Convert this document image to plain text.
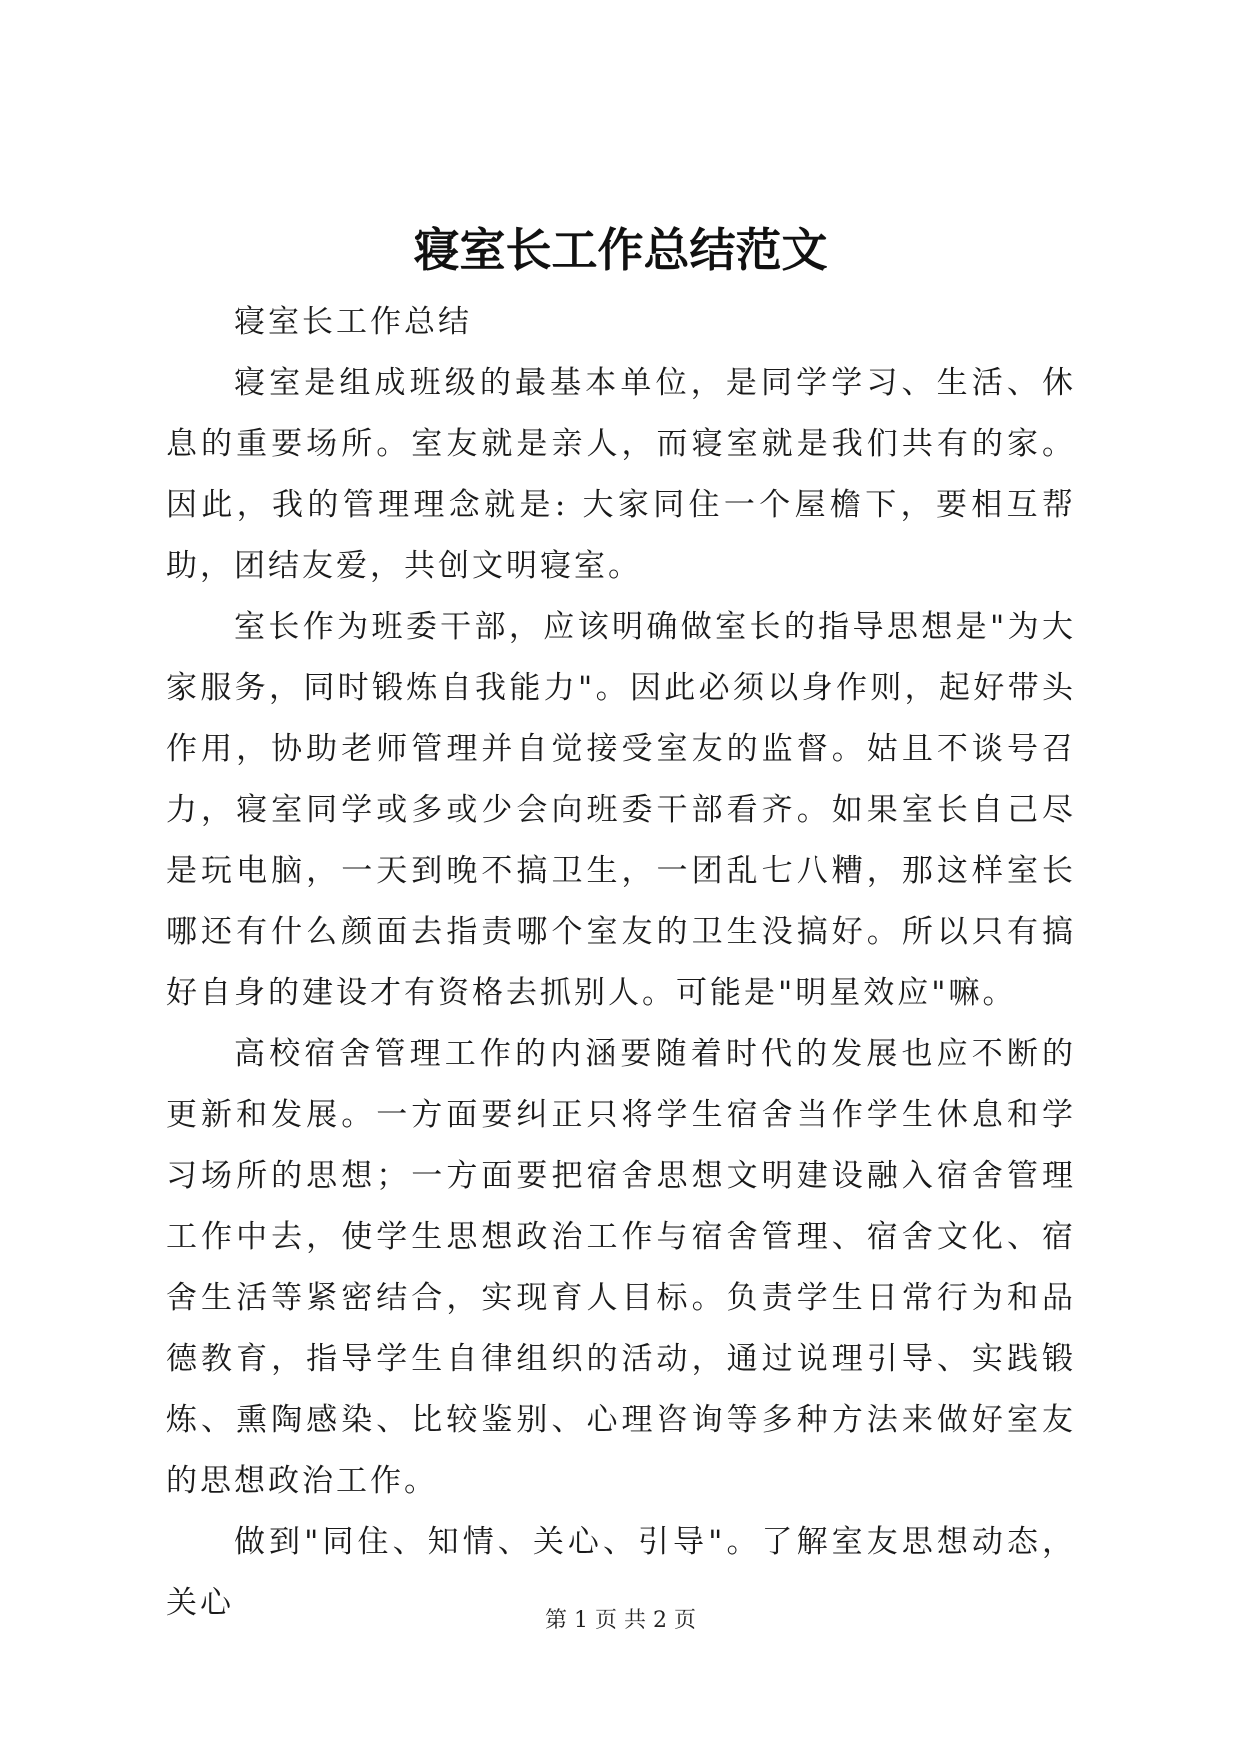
寝室长工作总结范文

寝室长工作总结

寝室是组成班级的最基本单位，是同学学习、生活、休息的重要场所。室友就是亲人，而寝室就是我们共有的家。因此，我的管理理念就是: 大家同住一个屋檐下，要相互帮助，团结友爱，共创文明寝室。

室长作为班委干部，应该明确做室长的指导思想是"为大家服务，同时锻炼自我能力"。因此必须以身作则，起好带头作用，协助老师管理并自觉接受室友的监督。姑且不谈号召力，寝室同学或多或少会向班委干部看齐。如果室长自己尽是玩电脑，一天到晚不搞卫生，一团乱七八糟，那这样室长哪还有什么颜面去指责哪个室友的卫生没搞好。所以只有搞好自身的建设才有资格去抓别人。可能是"明星效应"嘛。

高校宿舍管理工作的内涵要随着时代的发展也应不断的更新和发展。一方面要纠正只将学生宿舍当作学生休息和学习场所的思想；一方面要把宿舍思想文明建设融入宿舍管理工作中去，使学生思想政治工作与宿舍管理、宿舍文化、宿舍生活等紧密结合，实现育人目标。负责学生日常行为和品德教育，指导学生自律组织的活动，通过说理引导、实践锻炼、熏陶感染、比较鉴别、心理咨询等多种方法来做好室友的思想政治工作。

做到"同住、知情、关心、引导"。了解室友思想动态，关心	第 1 页 共 2 页
